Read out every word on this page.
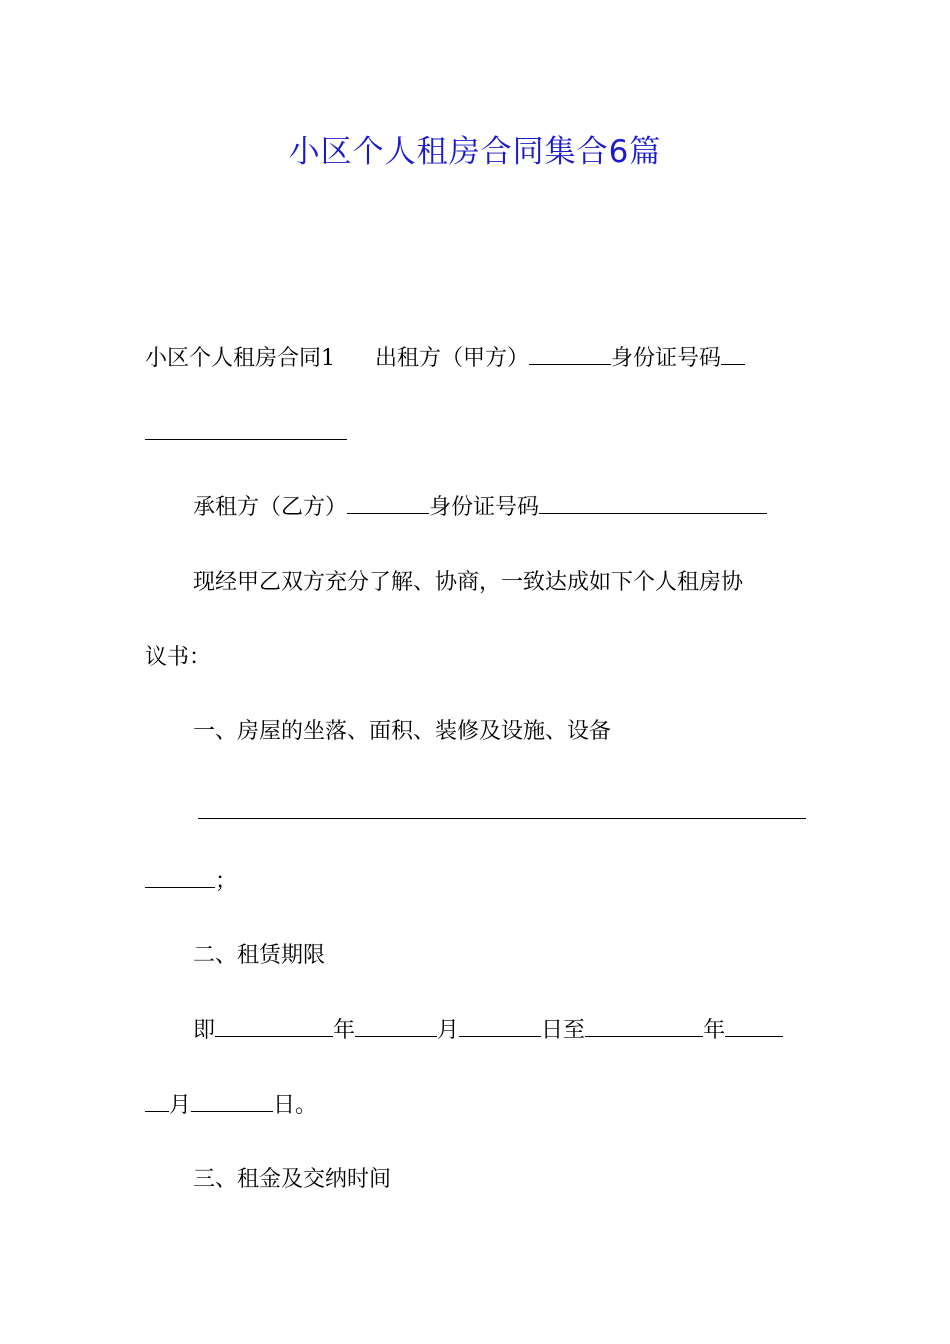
小区个人租房合同集合6篇
小区个人租房合同1 出租方（甲方）	身份证号码
承租方（乙方）	身份证号码
现经甲乙双方充分了解、协商，一致达成如下个人租房协
议书：
一、房屋的坐落、面积、装修及设施、设备
；
二、租赁期限
即	年	月	日至	年
月	日。
三、租金及交纳时间
